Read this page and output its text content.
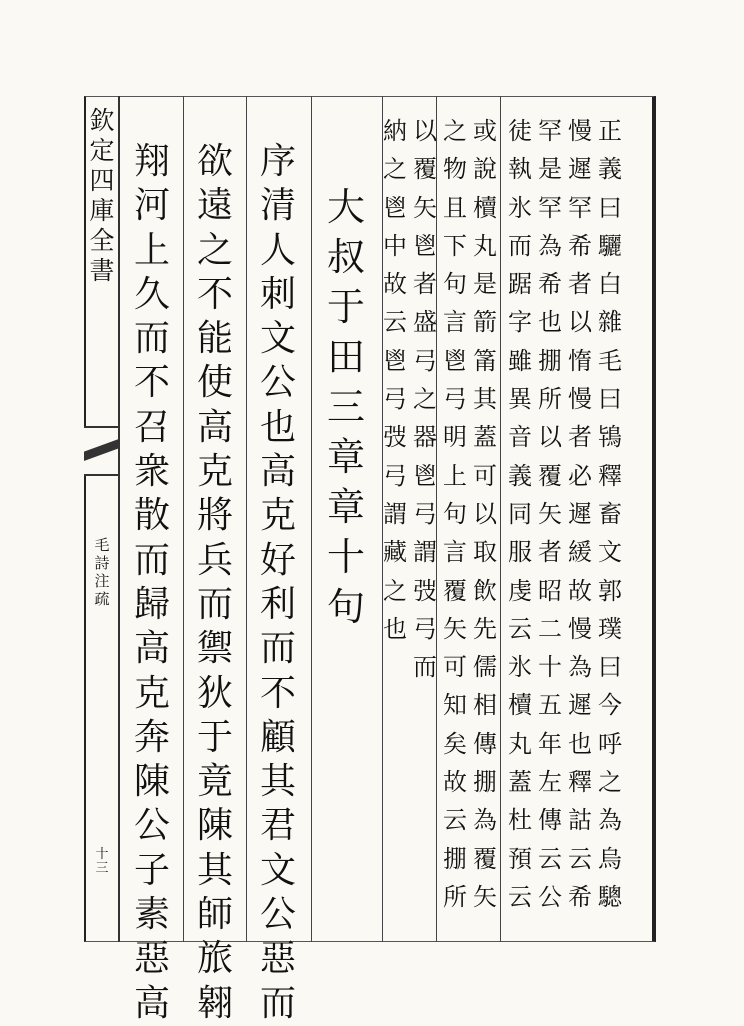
欽
定
四
庫
全
書
毛
詩
注
疏
十
三
正
義
曰
驪
白
雜
毛
曰
鴇
釋
畜
文
郭
璞
曰
今
呼
之
為
烏
驄
慢
遲
罕
希
者
以
惰
慢
者
必
遲
緩
故
慢
為
遲
也
釋
詁
云
希
罕
是
罕
為
希
也
掤
所
以
覆
矢
者
昭
二
十
五
年
左
傳
云
公
徒
執
氷
而
踞
字
雖
異
音
義
同
服
虔
云
氷
櫝
丸
蓋
杜
預
云
或
說
櫝
丸
是
箭
筩
其
蓋
可
以
取
飲
先
儒
相
傳
掤
為
覆
矢
之
物
且
下
句
言
鬯
弓
明
上
句
言
覆
矢
可
知
矣
故
云
掤
所
以
覆
矢
鬯
者
盛
弓
之
器
鬯
弓
謂
弢
弓
而
納
之
鬯
中
故
云
鬯
弓
弢
弓
謂
藏
之
也
大
叔
于
田
三
章
章
十
句
序
清
人
刺
文
公
也
高
克
好
利
而
不
顧
其
君
文
公
惡
而
欲
遠
之
不
能
使
高
克
將
兵
而
禦
狄
于
竟
陳
其
師
旅
翱
翔
河
上
久
而
不
召
衆
散
而
歸
高
克
奔
陳
公
子
素
惡
高
